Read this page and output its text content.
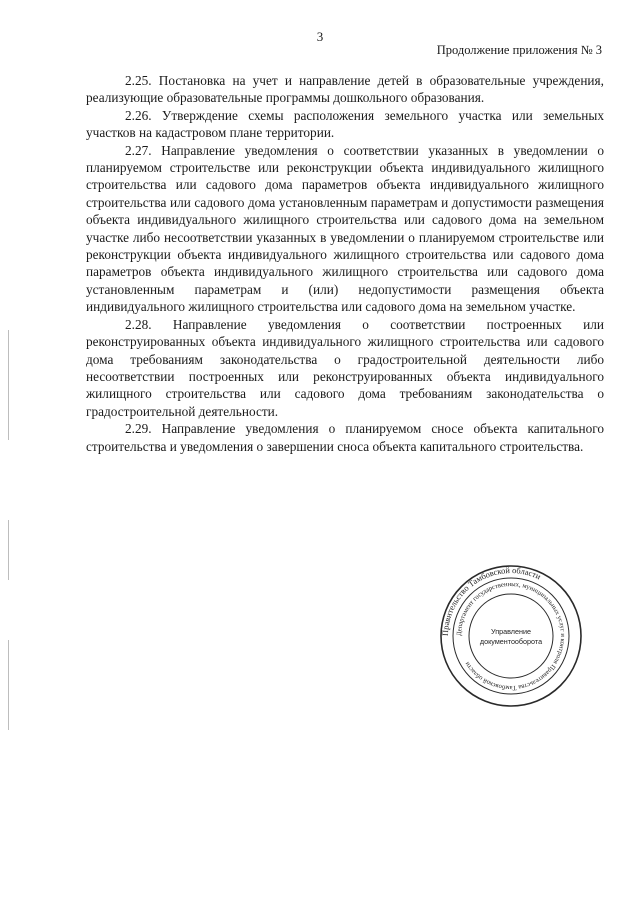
3
Продолжение приложения № 3

2.25. Постановка на учет и направление детей в образовательные учреждения, реализующие образовательные программы дошкольного образования.

2.26. Утверждение схемы расположения земельного участка или земельных участков на кадастровом плане территории.

2.27. Направление уведомления о соответствии указанных в уведомлении о планируемом строительстве или реконструкции объекта индивидуального жилищного строительства или садового дома параметров объекта индивидуального жилищного строительства или садового дома установленным параметрам и допустимости размещения объекта индивидуального жилищного строительства или садового дома на земельном участке либо несоответствии указанных в уведомлении о планируемом строительстве или реконструкции объекта индивидуального жилищного строительства или садового дома параметров объекта индивидуального жилищного строительства или садового дома установленным параметрам и (или) недопустимости размещения объекта индивидуального жилищного строительства или садового дома на земельном участке.

2.28. Направление уведомления о соответствии построенных или реконструированных объекта индивидуального жилищного строительства или садового дома требованиям законодательства о градостроительной деятельности либо несоответствии построенных или реконструированных объекта индивидуального жилищного строительства или садового дома требованиям законодательства о градостроительной деятельности.

2.29. Направление уведомления о планируемом сносе объекта капитального строительства и уведомления о завершении сноса объекта капитального строительства.

Правительство Тамбовской области
Департамент государственных, муниципальных услуг и контроля Правительства Тамбовской области
Управление
документооборота
